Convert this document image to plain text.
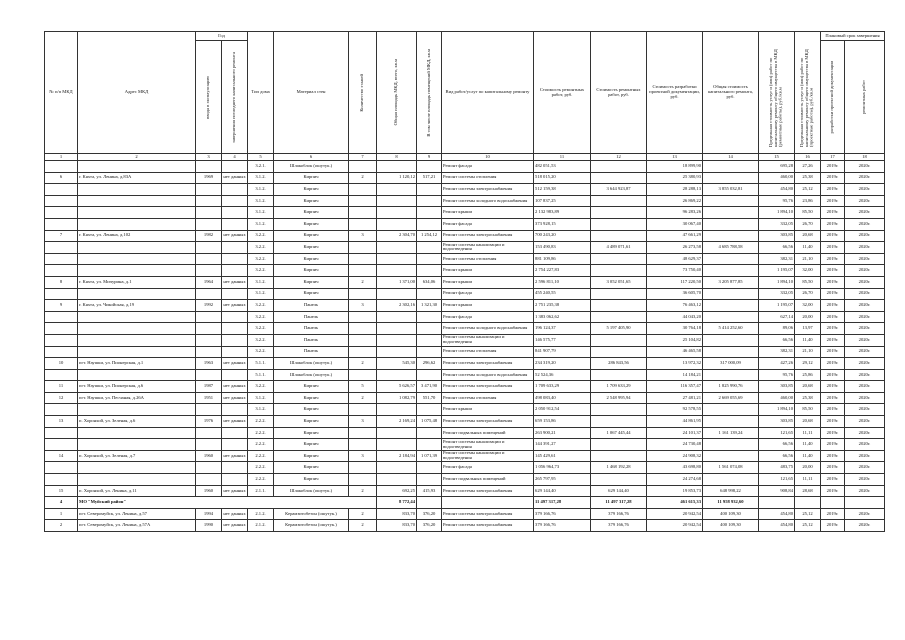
№ п/п МКД	Адрес МКД	Год		Тип дома	Материал стен	Количество этажей	Общая площадь МКД, всего, кв.м	В том числе площадь помещений МКД, кв.м	Вид работ/услуг по капитальному ремонту	Стоимость ремонтных работ, руб.	Стоимость ремонтных работ, руб.	Стоимость разработки проектной документации, руб.	Общая стоимость капитального ремонта, руб.	Предельная стоимость услуг и (или) работ по капитальному ремонту общего имущества в МКД (ремонтные работы), руб./кв.м	Предельная стоимость услуг и (или) работ по капитальному ремонту общего имущества в МКД (проектные работы), руб./кв.м	Плановый срок завершения	

		ввода в эксплуатацию	завершения последнего капитального ремонта													разработки проектной документации	ремонтных работ

1	2	3	4	5	6	7	8	9	10	11	12	13	14	15	16	17	18
				3.2.1.	Шлакоблок (ошутук.)				Ремонт фасада	482 051,53		18 899,90		695,28	27,26	2019г.	2020г.
6	г. Кяхта, ул. Ленина, д.83А	1969	нет данных	3.1.2.	Кирпич	2	1 120,12	517,21	Ремонт системы отопления	518 015,20		25 380,93		460,00	25,38	2019г.	2020г.
				3.1.2.	Кирпич				Ремонт системы электроснабжения	512 159,38	3 644 923,87	28 288,13	3 855 032,81	454,80	25,12	2019г.	2020г.
				3.1.2.	Кирпич				Ремонт системы холодного водоснабжения	107 837,25		26 869,22		95,76	23,86	2019г.	2020г.
				3.1.2.	Кирпич				Ремонт крыши	2 132 983,89		96 283,26		1 894,10	85,50	2019г.	2020г.
				3.1.2.	Кирпич				Ремонт фасада	373 928,15		30 067,40		332,05	26,70	2019г.	2020г.
7	г. Кяхта, ул. Ленина, д.102	1982	нет данных	3.2.2.	Кирпич	3	2 304,70	1 254,12	Ремонт системы электроснабжения	700 243,20		47 661,29		303,85	20,68	2019г.	2020г.
				3.2.2.	Кирпич				Ремонт системы канализации и водоотведения	153 490,83	4 489 071,61	26 273,58	4 685 788,58	66,56	11,40	2019г.	2020г.
				3.2.2.	Кирпич				Ремонт системы отопления	881 109,86		48 629,37		382,31	21,10	2019г.	2020г.
				3.2.2.	Кирпич				Ремонт крыши	2 754 227,83		73 750,40		1 195,07	32,00	2019г.	2020г.
8	г. Кяхта, ул. Мичурина, д.1	1964	нет данных	3.1.2.	Кирпич	2	1 371,00	634,06	Ремонт крыши	2 596 811,10	3 052 051,65	117 220,50	3 205 877,85	1 894,10	85,50	2019г.	2020г.
				3.1.2.	Кирпич				Ремонт фасада	455 240,55		36 605,70		332,05	26,70	2019г.	2020г.
9	г. Кяхта, ул. Чикойская, д.19	1992	нет данных	3.2.2.	Панель	3	2 302,16	1 321,30	Ремонт крыши	2 751 235,38		76 463,12		1 195,07	32,00	2019г.	2020г.
				3.2.2.	Панель				Ремонт фасада	1 383 062,62		44 043,20		627,14	20,00	2019г.	2020г.
				3.2.2.	Панель				Ремонт системы холодного водоснабжения	196 124,37	5 197 405,90	30 764,18	5 414 252,60	89,06	13,97	2019г.	2020г.
				3.2.2.	Панель				Ремонт системы канализации и водоотведения	146 575,77		25 104,82		66,56	11,40	2019г.	2020г.
				3.2.2.	Панель				Ремонт системы отопления	841 907,79		46 465,58		382,31	21,10	2019г.	2020г.
10	пгт. Наушки, ул. Пионерская, д.1	1963	нет данных	5.1.1.	Шлакоблок (ошутук.)	2	545,30	296,62	Ремонт системы электроснабжения	234 319,20	286 843,56	13 972,32	317 000,09	427,26	29,12	2019г.	2020г.
				5.1.1.	Шлакоблок (ошутук.)				Ремонт системы холодного водоснабжения	52 524,36		14 184,21		95,76	25,86	2019г.	2020г.
11	пгт. Наушки, ул. Пионерская, д.6	1987	нет данных	3.2.2.	Кирпич	5	5 626,57	3 471,90	Ремонт системы электроснабжения	1 709 633,29	1 709 633,29	116 357,47	1 825 990,76	303,85	20,68	2019г.	2020г.
12	пгт. Наушки, ул. Песчаная, д.26А	1951	нет данных	3.1.2.	Кирпич	2	1 082,79	551,70	Ремонт системы отопления	498 083,40	2 548 995,94	27 481,21	2 669 055,69	460,00	25,38	2019г.	2020г.
				3.1.2.	Кирпич				Ремонт крыши	2 050 912,54		92 578,55		1 894,10	85,50	2019г.	2020г.
13	п. Хоронхой, ул. Зеленая, д.6	1976	нет данных	2.2.2.	Кирпич	3	2 169,24	1 075,48	Ремонт системы электроснабжения	659 153,86		44 861,95		303,85	20,68	2019г.	2020г.
				2.2.2.	Кирпич				Ремонт подвальных помещений	263 900,21	1 067 445,44	24 101,37	1 161 139,24	121,65	11,11	2019г.	2020г.
				2.2.2.	Кирпич				Ремонт системы канализации и водоотведения	144 391,27		24 730,48		66,56	11,40	2019г.	2020г.
14	п. Хоронхой, ул. Зеленая, д.7	1960	нет данных	2.2.2.	Кирпич	3	2 184,94	1 071,39	Ремонт системы канализации и водоотведения	145 429,61		24 908,32		66,56	11,40	2019г.	2020г.
				2.2.2.	Кирпич				Ремонт фасада	1 056 964,73	1 468 192,28	43 698,80	1 561 074,08	483,75	20,00	2019г.	2020г.
				2.2.2.	Кирпич				Ремонт подвальных помещений	265 797,95		24 274,68		121,65	11,11	2019г.	2020г.
15	п. Хоронхой, ул. Ленина, д.11	1960	нет данных	2.1.1.	Шлакоблок (ошутук.)	2	692,25	415,93	Ремонт системы электроснабжения	629 144,40	629 144,40	19 853,73	648 998,22	908,84	28,68	2019г.	2020г.
4	МО "Муйский район"						8 772,44			11 497 317,28	11 497 317,28	461 615,33	11 958 932,60				
1	пгт. Северомуйск, ул. Ленина, д.57	1994	нет данных	2.1.2.	Керамзитобетон (ошутук.)	2	833,70	376,20	Ремонт системы электроснабжения	379 166,76	379 166,76	20 942,54	400 109,30	454,80	25,12	2019г.	2020г.
2	пгт. Северомуйск, ул. Ленина, д.57А	1990	нет данных	2.1.2.	Керамзитобетон (ошутук.)	2	833,70	376,20	Ремонт системы электроснабжения	379 166,76	379 166,76	20 942,54	400 109,30	454,80	25,12	2019г.	2020г.
